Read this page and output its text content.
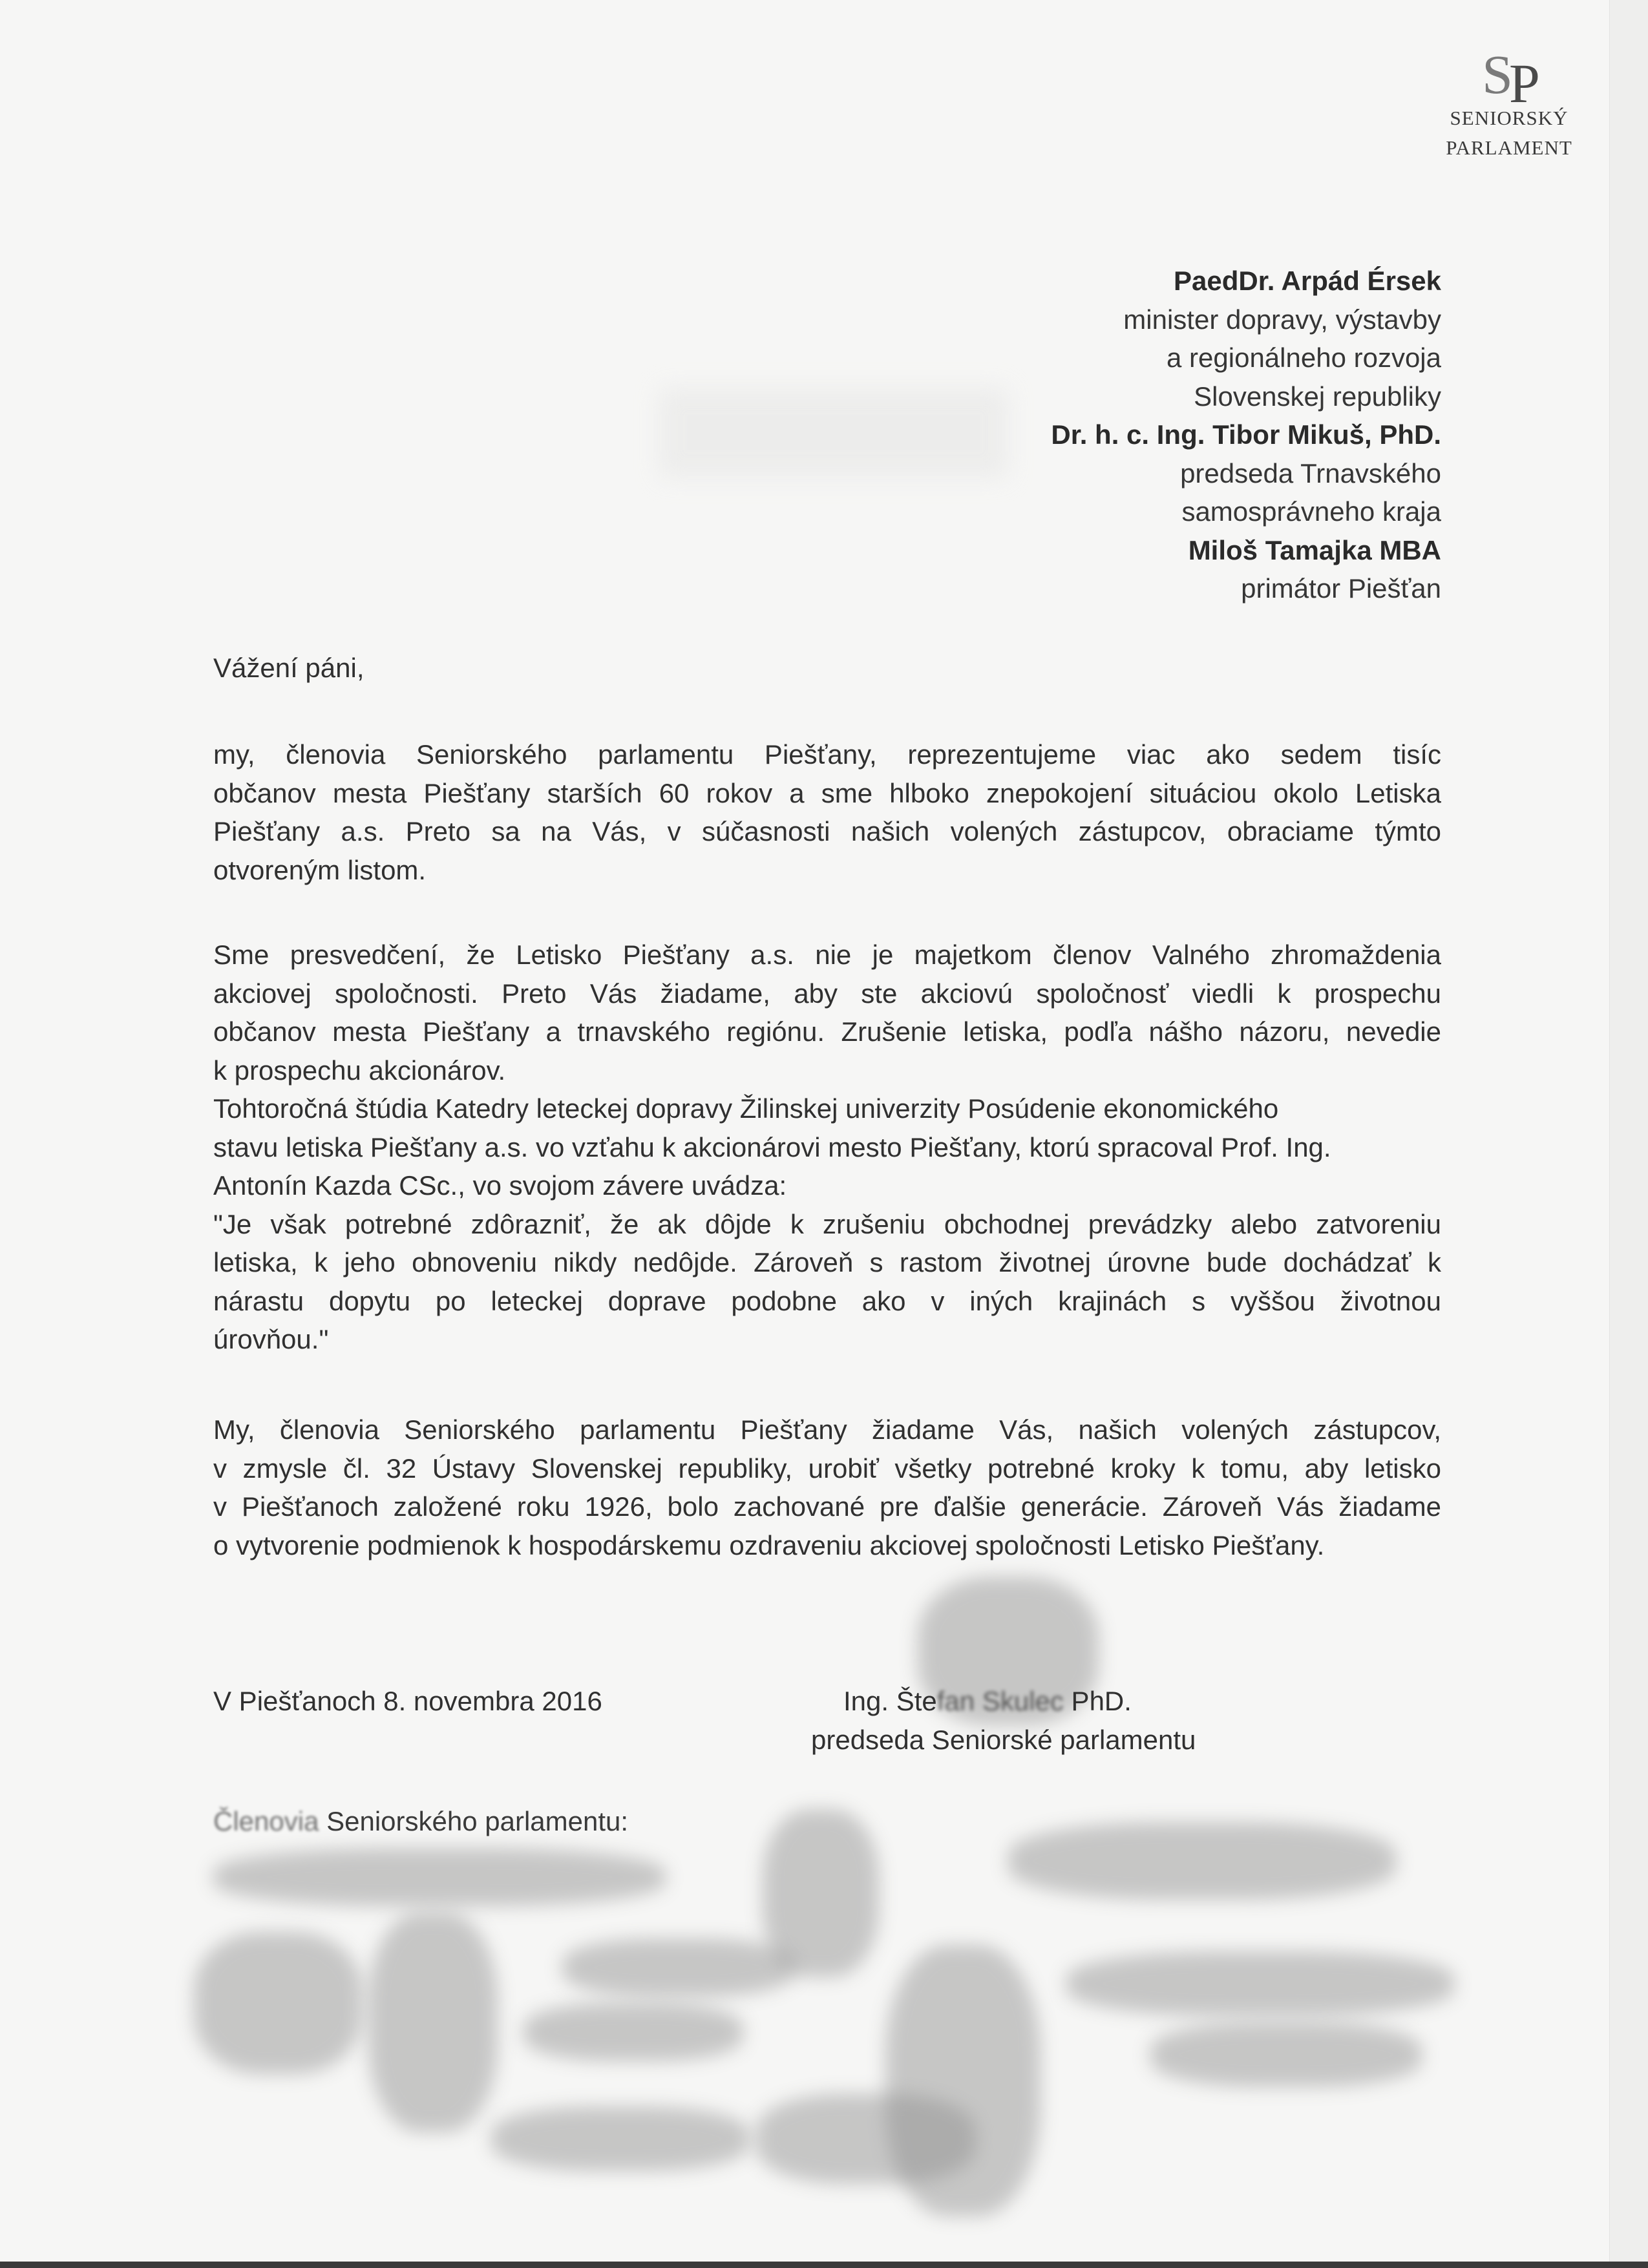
SP
SENIORSKÝ
PARLAMENT
PaedDr. Arpád Érsek
minister dopravy, výstavby
a regionálneho rozvoja
Slovenskej republiky
Dr. h. c. Ing. Tibor Mikuš, PhD.
predseda Trnavského
samosprávneho kraja
Miloš Tamajka MBA
primátor Piešťan
Vážení páni,

my, členovia Seniorského parlamentu Piešťany, reprezentujeme viac ako sedem tisíc
občanov mesta Piešťany starších 60 rokov a sme hlboko znepokojení situáciou okolo Letiska
Piešťany a.s. Preto sa na Vás, v súčasnosti našich volených zástupcov, obraciame týmto
otvoreným listom.

Sme presvedčení, že Letisko Piešťany a.s. nie je majetkom členov Valného zhromaždenia
akciovej spoločnosti. Preto Vás žiadame, aby ste akciovú spoločnosť viedli k prospechu
občanov mesta Piešťany a trnavského regiónu. Zrušenie letiska, podľa nášho názoru, nevedie
k prospechu akcionárov.
Tohtoročná štúdia Katedry leteckej dopravy Žilinskej univerzity Posúdenie ekonomického
stavu letiska Piešťany a.s. vo vzťahu k akcionárovi mesto Piešťany, ktorú spracoval Prof. Ing.
Antonín Kazda CSc., vo svojom závere uvádza:
"Je však potrebné zdôrazniť, že ak dôjde k zrušeniu obchodnej prevádzky alebo zatvoreniu
letiska, k jeho obnoveniu nikdy nedôjde. Zároveň s rastom životnej úrovne bude dochádzať k
nárastu dopytu po leteckej doprave podobne ako v iných krajinách s vyššou životnou
úrovňou."

My, členovia Seniorského parlamentu Piešťany žiadame Vás, našich volených zástupcov,
v zmysle čl. 32 Ústavy Slovenskej republiky, urobiť všetky potrebné kroky k tomu, aby letisko
v Piešťanoch založené roku 1926, bolo zachované pre ďalšie generácie. Zároveň Vás žiadame
o vytvorenie podmienok k hospodárskemu ozdraveniu akciovej spoločnosti Letisko Piešťany.

V Piešťanoch 8. novembra 2016	Ing. Štefan Skulec PhD.
predseda Seniorské parlamentu
Členovia Seniorského parlamentu:
